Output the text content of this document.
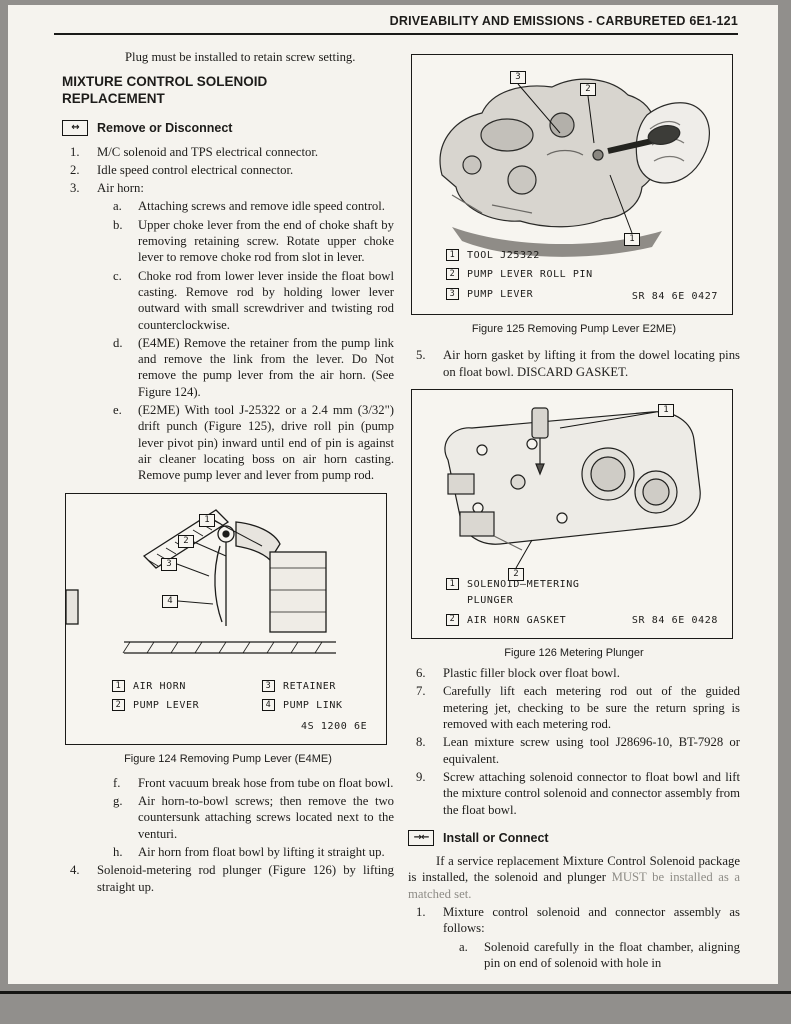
DRIVEABILITY AND EMISSIONS - CARBURETED 6E1-121

Plug must be installed to retain screw setting.

MIXTURE CONTROL SOLENOID
REPLACEMENT
↔	Remove or Disconnect
1.	M/C solenoid and TPS electrical connector.
2.	Idle speed control electrical connector.
3.	Air horn:
a.	Attaching screws and remove idle speed control.
b.	Upper choke lever from the end of choke shaft by removing retaining screw. Rotate upper choke lever to remove choke rod from slot in lever.
c.	Choke rod from lower lever inside the float bowl casting. Remove rod by holding lower lever outward with small screwdriver and twisting rod counterclockwise.
d.	(E4ME) Remove the retainer from the pump link and remove the link from the lever. Do Not remove the pump lever from the air horn. (See Figure 124).
e.	(E2ME) With tool J-25322 or a 2.4 mm (3/32") drift punch (Figure 125), drive roll pin (pump lever pivot pin) inward until end of pin is against air cleaner locating boss on air horn casting. Remove pump lever and lever from pump rod.
1
2
3
4
1	AIR HORN	3	RETAINER
2	PUMP LEVER	4	PUMP LINK
4S 1200 6E
Figure 124 Removing Pump Lever (E4ME)
f.	Front vacuum break hose from tube on float bowl.
g.	Air horn-to-bowl screws; then remove the two countersunk attaching screws located next to the venturi.
h.	Air horn from float bowl by lifting it straight up.
4.	Solenoid-metering rod plunger (Figure 126) by lifting straight up.
3
2
1
1	TOOL J25322
2	PUMP LEVER ROLL PIN
3	PUMP LEVER	SR 84 6E 0427
Figure 125 Removing Pump Lever E2ME)
5.	Air horn gasket by lifting it from the dowel locating pins on float bowl. DISCARD GASKET.
1
2
1	SOLENOID–METERING PLUNGER
2	AIR HORN GASKET	SR 84 6E 0428
Figure 126 Metering Plunger
6.	Plastic filler block over float bowl.
7.	Carefully lift each metering rod out of the guided metering jet, checking to be sure the return spring is removed with each metering rod.
8.	Lean mixture screw using tool J28696-10, BT-7928 or equivalent.
9.	Screw attaching solenoid connector to float bowl and lift the mixture control solenoid and connector assembly from the float bowl.
→←	Install or Connect

If a service replacement Mixture Control Solenoid package is installed, the solenoid and plunger MUST be installed as a matched set.

1.	Mixture control solenoid and connector assembly as follows:
a.	Solenoid carefully in the float chamber, aligning pin on end of solenoid with hole in
